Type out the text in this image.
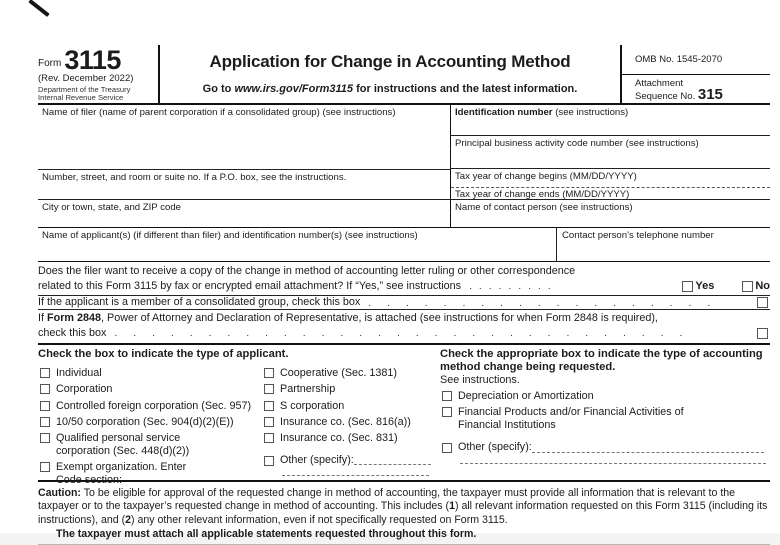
Form 3115
(Rev. December 2022)
Department of the Treasury
Internal Revenue Service
Application for Change in Accounting Method
Go to www.irs.gov/Form3115 for instructions and the latest information.
OMB No. 1545-2070
Attachment
Sequence No. 315
Name of filer (name of parent corporation if a consolidated group) (see instructions)
Number, street, and room or suite no. If a P.O. box, see the instructions.
City or town, state, and ZIP code
Identification number (see instructions)
Principal business activity code number (see instructions)
Tax year of change begins (MM/DD/YYYY)
Tax year of change ends (MM/DD/YYYY)
Name of contact person (see instructions)
Name of applicant(s) (if different than filer) and identification number(s) (see instructions)	Contact person’s telephone number
Does the filer want to receive a copy of the change in method of accounting letter ruling or other correspondence
related to this Form 3115 by fax or encrypted email attachment? If “Yes,” see instructions . . . . . . . . .	Yes	No
If the applicant is a member of a consolidated group, check this box . . . . . . . . . . . . . . . . . . .
If Form 2848, Power of Attorney and Declaration of Representative, is attached (see instructions for when Form 2848 is required),
check this box . . . . . . . . . . . . . . . . . . . . . . . . . . . . . . .
Check the box to indicate the type of applicant.
Individual
Corporation
Controlled foreign corporation (Sec. 957)
10/50 corporation (Sec. 904(d)(2)(E))
Qualified personal service
corporation (Sec. 448(d)(2))
Exempt organization. Enter
Code section:
Cooperative (Sec. 1381)
Partnership
S corporation
Insurance co. (Sec. 816(a))
Insurance co. (Sec. 831)
Other (specify):
Check the appropriate box to indicate the type of accounting method change being requested.
See instructions.
Depreciation or Amortization
Financial Products and/or Financial Activities of
Financial Institutions
Other (specify):
Caution: To be eligible for approval of the requested change in method of accounting, the taxpayer must provide all information that is relevant to the taxpayer or to the taxpayer’s requested change in method of accounting. This includes (1) all relevant information requested on this Form 3115 (including its instructions), and (2) any other relevant information, even if not specifically requested on Form 3115.
The taxpayer must attach all applicable statements requested throughout this form.
